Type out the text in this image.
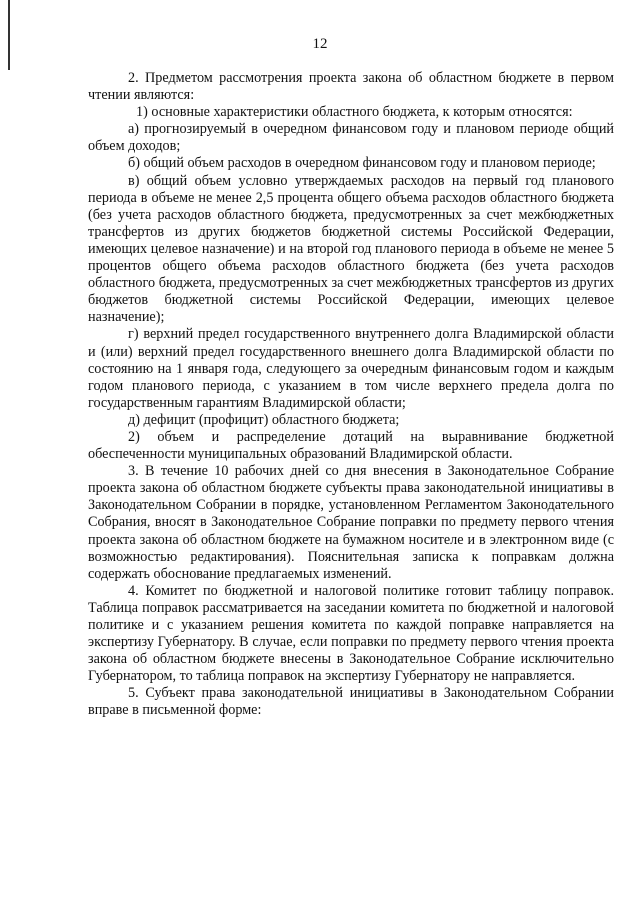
12

2. Предметом рассмотрения проекта закона об областном бюджете в первом чтении являются:

1) основные характеристики областного бюджета, к которым относятся:

а) прогнозируемый в очередном финансовом году и плановом периоде общий объем доходов;

б) общий объем расходов в очередном финансовом году и плановом периоде;

в) общий объем условно утверждаемых расходов на первый год планового периода в объеме не менее 2,5 процента общего объема расходов областного бюджета (без учета расходов областного бюджета, предусмотренных за счет межбюджетных трансфертов из других бюджетов бюджетной системы Российской Федерации, имеющих целевое назначение) и на второй год планового периода в объеме не менее 5 процентов общего объема расходов областного бюджета (без учета расходов областного бюджета, предусмотренных за счет межбюджетных трансфертов из других бюджетов бюджетной системы Российской Федерации, имеющих целевое назначение);

г) верхний предел государственного внутреннего долга Владимирской области и (или) верхний предел государственного внешнего долга Владимирской области по состоянию на 1 января года, следующего за очередным финансовым годом и каждым годом планового периода, с указанием в том числе верхнего предела долга по государственным гарантиям Владимирской области;

д) дефицит (профицит) областного бюджета;

2) объем и распределение дотаций на выравнивание бюджетной обеспеченности муниципальных образований Владимирской области.

3. В течение 10 рабочих дней со дня внесения в Законодательное Собрание проекта закона об областном бюджете субъекты права законодательной инициативы в Законодательном Собрании в порядке, установленном Регламентом Законодательного Собрания, вносят в Законодательное Собрание поправки по предмету первого чтения проекта закона об областном бюджете на бумажном носителе и в электронном виде (с возможностью редактирования). Пояснительная записка к поправкам должна содержать обоснование предлагаемых изменений.

4. Комитет по бюджетной и налоговой политике готовит таблицу поправок. Таблица поправок рассматривается на заседании комитета по бюджетной и налоговой политике и с указанием решения комитета по каждой поправке направляется на экспертизу Губернатору. В случае, если поправки по предмету первого чтения проекта закона об областном бюджете внесены в Законодательное Собрание исключительно Губернатором, то таблица поправок на экспертизу Губернатору не направляется.

5. Субъект права законодательной инициативы в Законодательном Собрании вправе в письменной форме:
